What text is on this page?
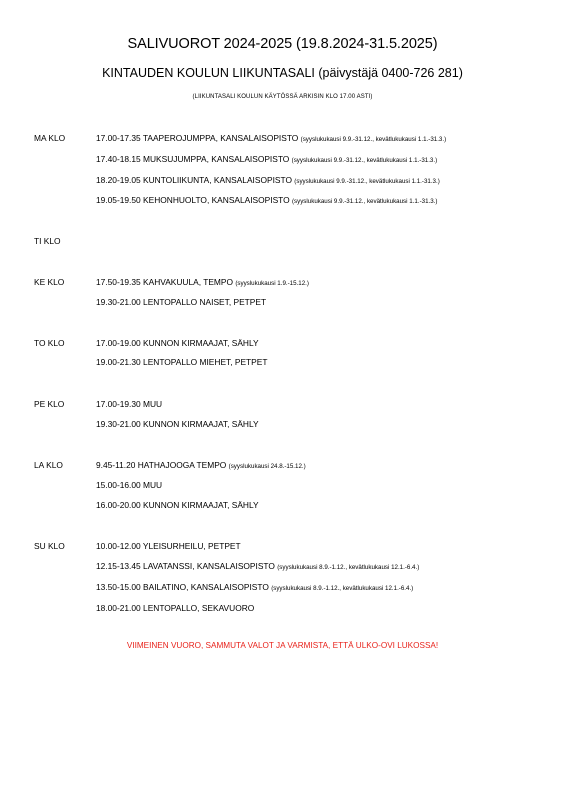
SALIVUOROT 2024-2025 (19.8.2024-31.5.2025)
KINTAUDEN KOULUN LIIKUNTASALI (päivystäjä 0400-726 281)
(LIIKUNTASALI KOULUN KÄYTÖSSÄ ARKISIN KLO 17.00 ASTI)
MA KLO	17.00-17.35 TAAPEROJUMPPA, KANSALAISOPISTO (syyslukukausi 9.9.-31.12., kevätlukukausi 1.1.-31.3.)
17.40-18.15 MUKSUJUMPPA, KANSALAISOPISTO (syyslukukausi 9.9.-31.12., kevätlukukausi 1.1.-31.3.)
18.20-19.05 KUNTOLIIKUNTA, KANSALAISOPISTO (syyslukukausi 9.9.-31.12., kevätlukukausi 1.1.-31.3.)
19.05-19.50 KEHONHUOLTO, KANSALAISOPISTO (syyslukukausi 9.9.-31.12., kevätlukukausi 1.1.-31.3.)
TI KLO
KE KLO	17.50-19.35 KAHVAKUULA, TEMPO (syyslukukausi 1.9.-15.12.)
19.30-21.00 LENTOPALLO NAISET, PETPET
TO KLO	17.00-19.00 KUNNON KIRMAAJAT, SÄHLY
19.00-21.30 LENTOPALLO MIEHET, PETPET
PE KLO	17.00-19.30 MUU
19.30-21.00 KUNNON KIRMAAJAT, SÄHLY
LA KLO	9.45-11.20 HATHAJOOGA TEMPO (syyslukukausi 24.8.-15.12.)
15.00-16.00 MUU
16.00-20.00 KUNNON KIRMAAJAT, SÄHLY
SU KLO	10.00-12.00 YLEISURHEILU, PETPET
12.15-13.45 LAVATANSSI, KANSALAISOPISTO (syyslukukausi 8.9.-1.12., kevätlukukausi 12.1.-6.4.)
13.50-15.00 BAILATINO, KANSALAISOPISTO (syyslukukausi 8.9.-1.12., kevätlukukausi 12.1.-6.4.)
18.00-21.00 LENTOPALLO, SEKAVUORO
VIIMEINEN VUORO, SAMMUTA VALOT JA VARMISTA, ETTÄ ULKO-OVI LUKOSSA!
